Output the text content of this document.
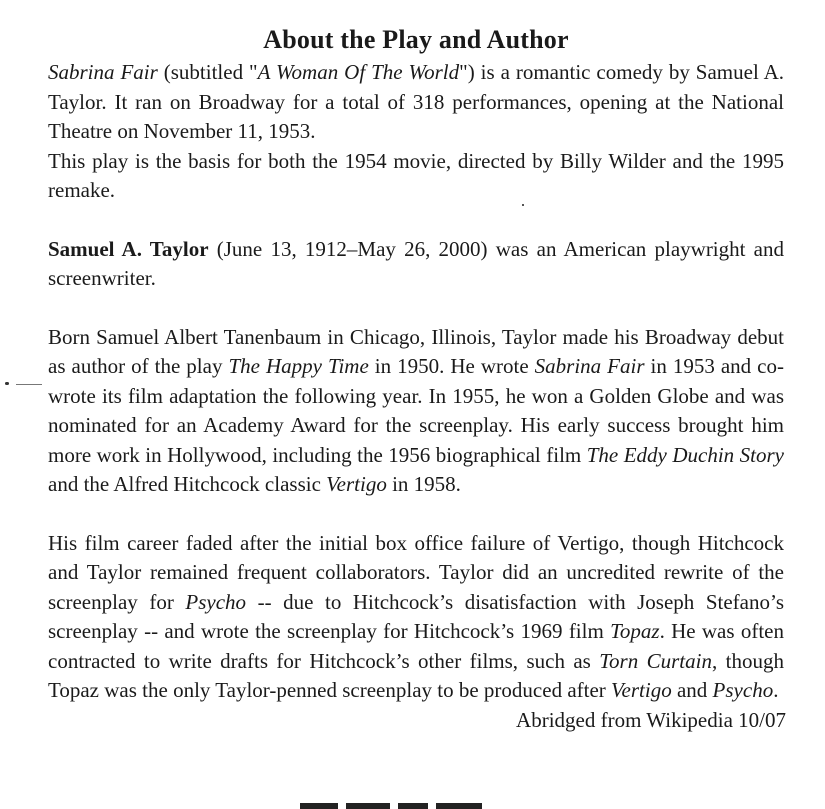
About the Play and Author

Sabrina Fair (subtitled "A Woman Of The World") is a romantic comedy by Samuel A. Taylor. It ran on Broadway for a total of 318 performances, opening at the National Theatre on November 11, 1953.

This play is the basis for both the 1954 movie, directed by Billy Wilder and the 1995 remake.

Samuel A. Taylor (June 13, 1912–May 26, 2000) was an American playwright and screenwriter.

Born Samuel Albert Tanenbaum in Chicago, Illinois, Taylor made his Broadway debut as author of the play The Happy Time in 1950. He wrote Sabrina Fair in 1953 and co-wrote its film adaptation the following year. In 1955, he won a Golden Globe and was nominated for an Academy Award for the screenplay. His early success brought him more work in Hollywood, including the 1956 biographical film The Eddy Duchin Story and the Alfred Hitchcock classic Vertigo in 1958.

His film career faded after the initial box office failure of Vertigo, though Hitchcock and Taylor remained frequent collaborators. Taylor did an uncredited rewrite of the screenplay for Psycho -- due to Hitchcock’s disatisfaction with Joseph Stefano’s screenplay -- and wrote the screenplay for Hitchcock’s 1969 film Topaz. He was often contracted to write drafts for Hitchcock’s other films, such as Torn Curtain, though Topaz was the only Taylor-penned screenplay to be produced after Vertigo and Psycho.

Abridged from Wikipedia 10/07
